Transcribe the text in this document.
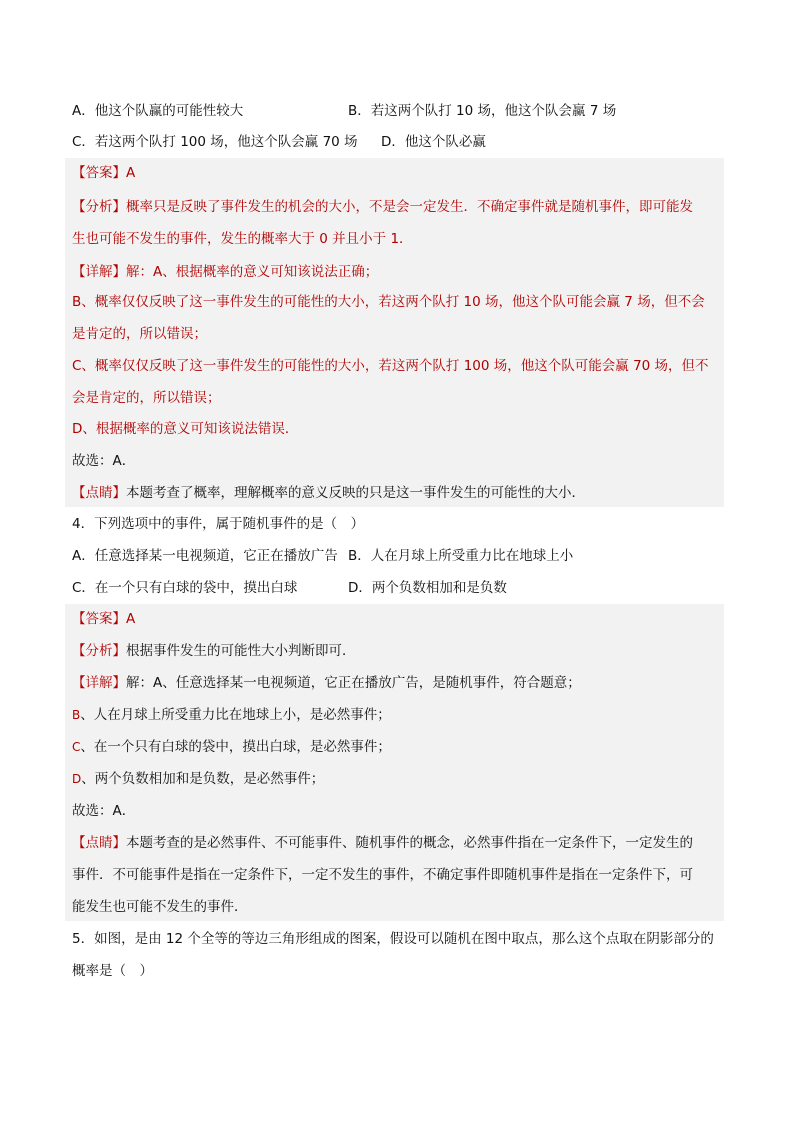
A．他这个队赢的可能性较大	B．若这两个队打 10 场，他这个队会赢 7 场
C．若这两个队打 100 场，他这个队会赢 70 场 D．他这个队必赢
【答案】A
【分析】概率只是反映了事件发生的机会的大小，不是会一定发生．不确定事件就是随机事件，即可能发
生也可能不发生的事件，发生的概率大于 0 并且小于 1．
【详解】解：A、根据概率的意义可知该说法正确；
B、概率仅仅反映了这一事件发生的可能性的大小，若这两个队打 10 场，他这个队可能会赢 7 场，但不会
是肯定的，所以错误；
C、概率仅仅反映了这一事件发生的可能性的大小，若这两个队打 100 场，他这个队可能会赢 70 场，但不
会是肯定的，所以错误；
D、根据概率的意义可知该说法错误．
故选：A．
【点睛】本题考查了概率，理解概率的意义反映的只是这一事件发生的可能性的大小．
4．下列选项中的事件，属于随机事件的是（　）
A．任意选择某一电视频道，它正在播放广告 B．人在月球上所受重力比在地球上小
C．在一个只有白球的袋中，摸出白球	D．两个负数相加和是负数
【答案】A
【分析】根据事件发生的可能性大小判断即可．
【详解】解：A、任意选择某一电视频道，它正在播放广告，是随机事件，符合题意；
B、人在月球上所受重力比在地球上小，是必然事件；
C、在一个只有白球的袋中，摸出白球，是必然事件；
D、两个负数相加和是负数，是必然事件；
故选：A．
【点睛】本题考查的是必然事件、不可能事件、随机事件的概念，必然事件指在一定条件下，一定发生的
事件．不可能事件是指在一定条件下，一定不发生的事件，不确定事件即随机事件是指在一定条件下，可
能发生也可能不发生的事件．
5．如图，是由 12 个全等的等边三角形组成的图案，假设可以随机在图中取点，那么这个点取在阴影部分的
概率是（　）
